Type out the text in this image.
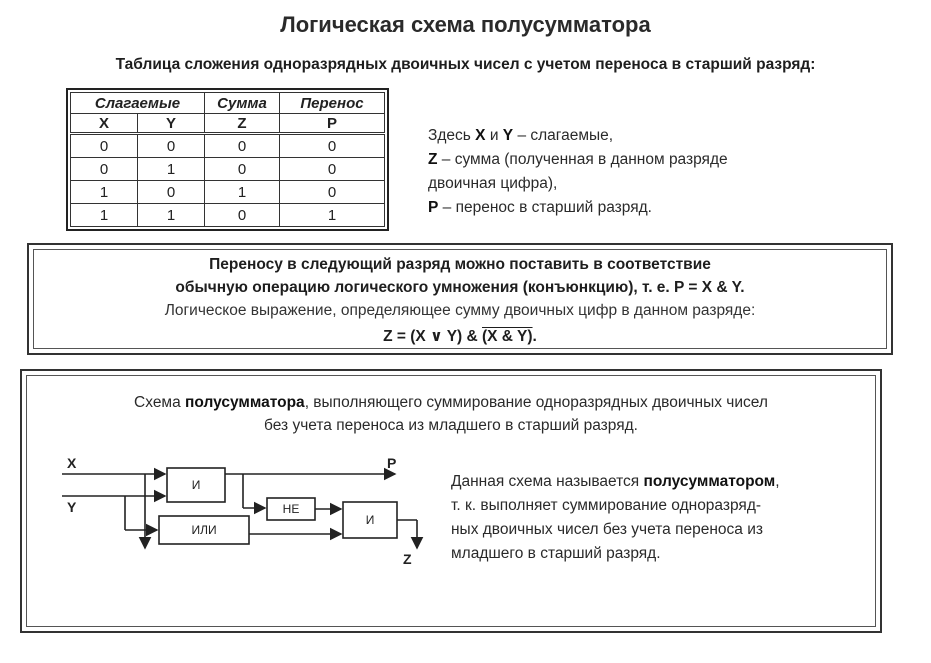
Логическая схема полусумматора
Таблица сложения одноразрядных двоичных чисел с учетом переноса в старший разряд:
Слагаемые		Сумма	Перенос
X	Y	Z	P
0	0	0	0
0	1	0	0
1	0	1	0
1	1	0	1
Здесь X и Y – слагаемые,
Z – сумма (полученная в данном разряде
двоичная цифра),
P – перенос в старший разряд.
Переносу в следующий разряд можно поставить в соответствие
обычную операцию логического умножения (конъюнкцию), т. е. P = X & Y.
Логическое выражение, определяющее сумму двоичных цифр в данном разряде:
Z = (X ∨ Y) & (X & Y).
Схема полусумматора, выполняющего суммирование одноразрядных двоичных чисел
без учета переноса из младшего в старший разряд.
X
Y
P
Z
И
ИЛИ
НЕ
И
Данная схема называется полусумматором,
т. к. выполняет суммирование одноразряд-
ных двоичных чисел без учета переноса из
младшего в старший разряд.
